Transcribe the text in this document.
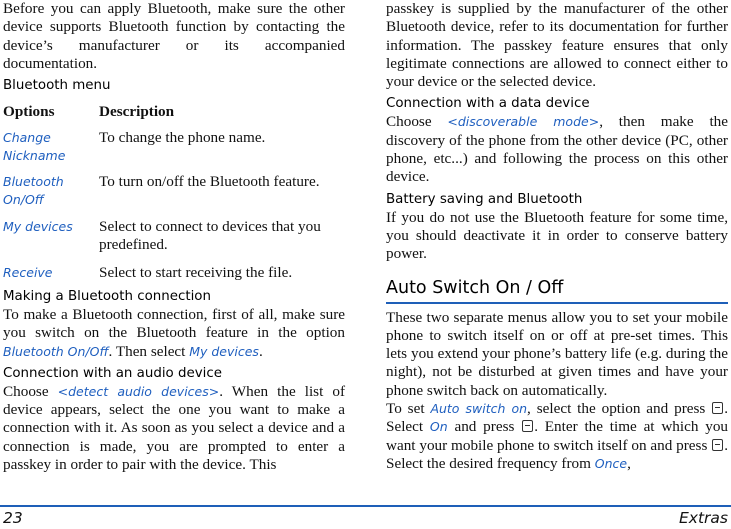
Before you can apply Bluetooth, make sure the other device supports Bluetooth function by contacting the device’s manufacturer or its accompanied documentation.

Bluetooth menu
Options	Description
Change Nickname	To change the phone name.
Bluetooth On/Off	To turn on/off the Bluetooth feature.
My devices	Select to connect to devices that you predefined.
Receive	Select to start receiving the file.
Making a Bluetooth connection

To make a Bluetooth connection, first of all, make sure you switch on the Bluetooth feature in the option Bluetooth On/Off. Then select My devices.

Connection with an audio device

Choose <detect audio devices>. When the list of device appears, select the one you want to make a connection with it. As soon as you select a device and a connection is made, you are prompted to enter a passkey in order to pair with the device. This

passkey is supplied by the manufacturer of the other Bluetooth device, refer to its documentation for further information. The passkey feature ensures that only legitimate connections are allowed to connect either to your device or the selected device.

Connection with a data device

Choose <discoverable mode>, then make the discovery of the phone from the other device (PC, other phone, etc...) and following the process on this other device.

Battery saving and Bluetooth

If you do not use the Bluetooth feature for some time, you should deactivate it in order to conserve battery power.

Auto Switch On / Off

These two separate menus allow you to set your mobile phone to switch itself on or off at pre-set times. This lets you extend your phone’s battery life (e.g. during the night), not be disturbed at given times and have your phone switch back on automatically.

To set Auto switch on, select the option and press . Select On and press . Enter the time at which you want your mobile phone to switch itself on and press . Select the desired frequency from Once,

23	Extras
